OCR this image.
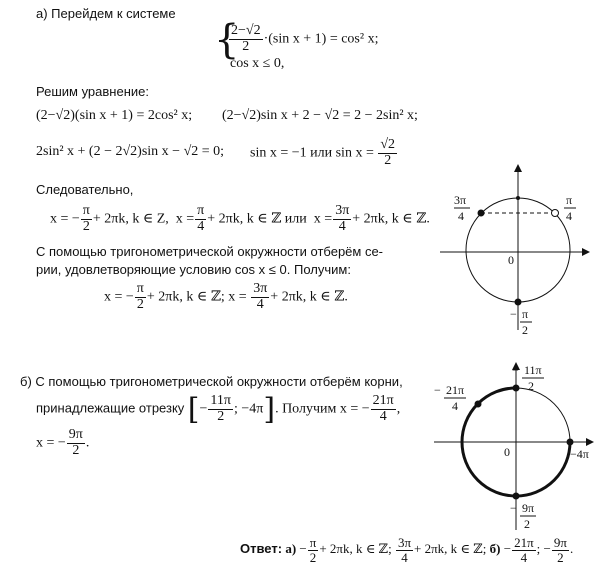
а) Перейдем к системе
{
$\frac{2-√2}{2} \cdot(\sin$ x + 1) = cos² x;
cos x ≤ 0,
Решим уравнение:
(2−√2)(sin x + 1) = 2cos² x; (2−√2)sin x + 2 − √2 = 2 − 2sin² x;
2sin² x + (2 − 2√2)sin x − √2 = 0; sin x = −1 или $\sin x = \frac{√2}{2}$
Следовательно,
x = − $\frac{\pi}{2} + 2\pi k$, k ∈ Z, $x = \frac{\pi}{4} + 2\pi k$, k ∈ ℤ или $x = \frac{3\pi}{4} + 2\pi k$, k ∈ ℤ.
С помощью тригонометрической окружности отберём се-
рии, удовлетворяющие условию cos x ≤ 0. Получим:
x = − $\frac{\pi}{2} + 2\pi k$, k ∈ ℤ; $x = \frac{3\pi}{4} + 2\pi k$, k ∈ ℤ.
3π
4
π
4
0
− π
2
б) С помощью тригонометрической окружности отберём корни,
принадлежащие отрезку [− $\frac{11\pi}{2}$ ; −4π]. Получим x = − $\frac{21\pi}{4}$ ,
x = − $\frac{9\pi}{2}$ .
− 11π
2
− 21π
4
−4π
0
− 9π
2
Ответ: $а) - \frac{\pi}{2} + 2\pi k$, k ∈ ℤ; $\frac{3\pi}{4} + 2\pi k$, k ∈ ℤ; $б) - \frac{21\pi}{4}$ ; − $\frac{9\pi}{2}$ .
